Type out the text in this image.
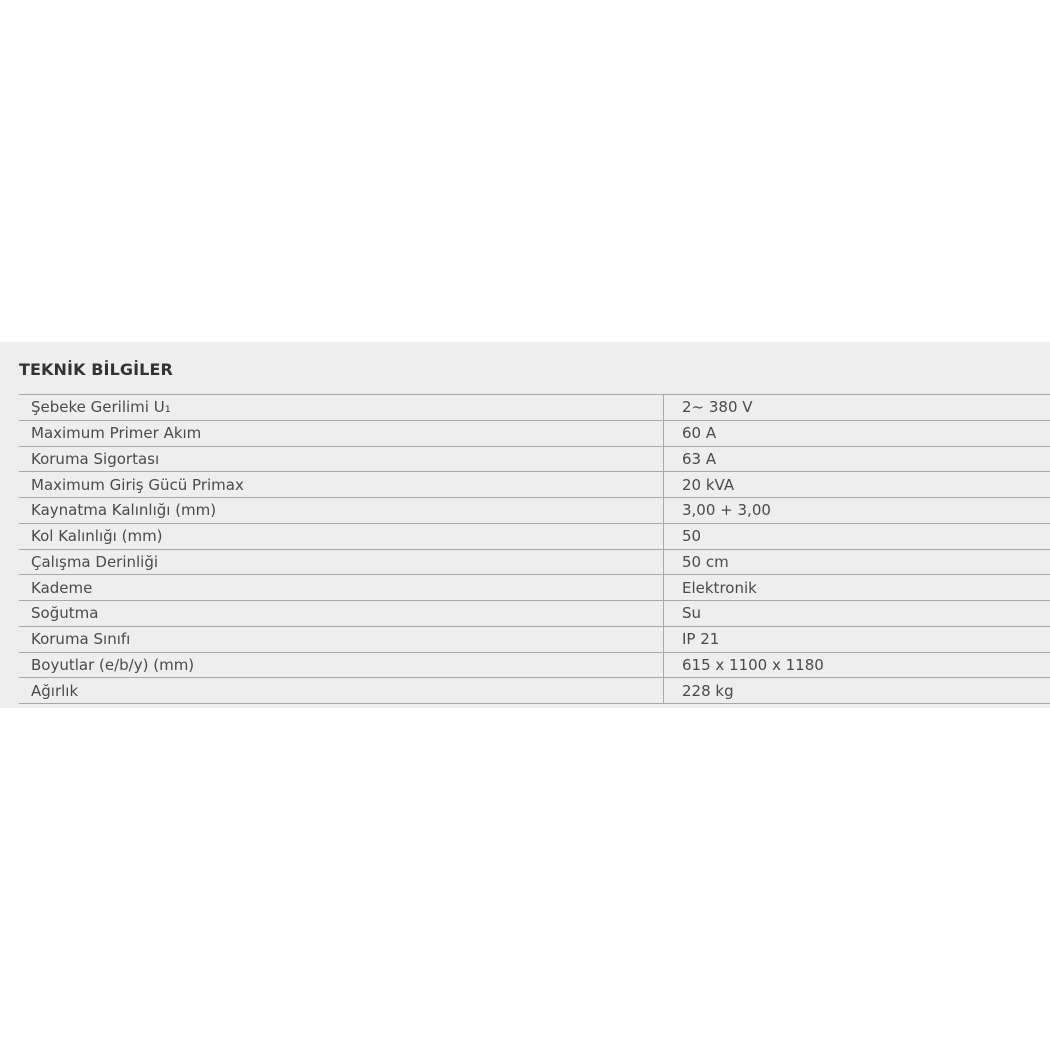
TEKNİK BİLGİLER
Şebeke Gerilimi U₁	2~ 380 V
Maximum Primer Akım	60 A
Koruma Sigortası	63 A
Maximum Giriş Gücü Primax	20 kVA
Kaynatma Kalınlığı (mm)	3,00 + 3,00
Kol Kalınlığı (mm)	50
Çalışma Derinliği	50 cm
Kademe	Elektronik
Soğutma	Su
Koruma Sınıfı	IP 21
Boyutlar (e/b/y) (mm)	615 x 1100 x 1180
Ağırlık	228 kg
